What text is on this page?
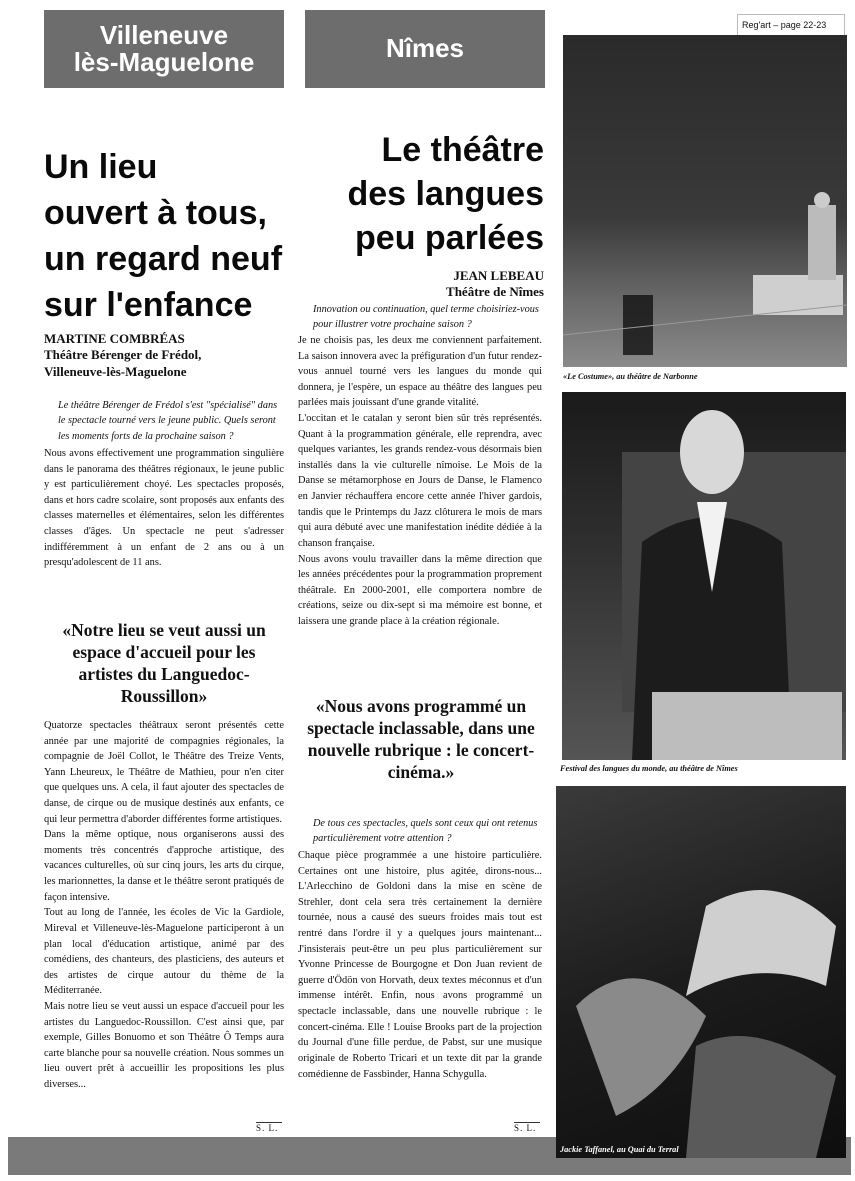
Villeneuve
lès-Maguelone	Nîmes
Reg'art – page 22-23
Un lieu
ouvert à tous,
un regard neuf
sur l'enfance
MARTINE COMBRÉAS
Théâtre Bérenger de Frédol,
Villeneuve-lès-Maguelone
Le théâtre Bérenger de Frédol s'est "spécialisé" dans le spectacle tourné vers le jeune public. Quels seront les moments forts de la prochaine saison ?

Nous avons effectivement une programmation singulière dans le panorama des théâtres régionaux, le jeune public y est particulièrement choyé. Les spectacles proposés, dans et hors cadre scolaire, sont proposés aux enfants des classes maternelles et élémentaires, selon les différentes classes d'âges. Un spectacle ne peut s'adresser indifféremment à un enfant de 2 ans ou à un presqu'adolescent de 11 ans.

«Notre lieu se veut aussi un espace d'accueil pour les artistes du Languedoc-Roussillon»

Quatorze spectacles théâtraux seront présentés cette année par une majorité de compagnies régionales, la compagnie de Joël Collot, le Théâtre des Treize Vents, Yann Lheureux, le Théâtre de Mathieu, pour n'en citer que quelques uns. A cela, il faut ajouter des spectacles de danse, de cirque ou de musique destinés aux enfants, ce qui leur permettra d'aborder différentes forme artistiques.

Dans la même optique, nous organiserons aussi des moments très concentrés d'approche artistique, des vacances culturelles, où sur cinq jours, les arts du cirque, les marionnettes, la danse et le théâtre seront pratiqués de façon intensive.

Tout au long de l'année, les écoles de Vic la Gardiole, Mireval et Villeneuve-lès-Maguelone participeront à un plan local d'éducation artistique, animé par des comédiens, des chanteurs, des plasticiens, des auteurs et des artistes de cirque autour du thème de la Méditerranée.

Mais notre lieu se veut aussi un espace d'accueil pour les artistes du Languedoc-Roussillon. C'est ainsi que, par exemple, Gilles Bonuomo et son Théâtre Ô Temps aura carte blanche pour sa nouvelle création. Nous sommes un lieu ouvert prêt à accueillir les propositions les plus diverses...

S. L.
Le théâtre
des langues
peu parlées
JEAN LEBEAU
Théâtre de Nîmes
Innovation ou continuation, quel terme choisiriez-vous pour illustrer votre prochaine saison ?

Je ne choisis pas, les deux me conviennent parfaitement. La saison innovera avec la préfiguration d'un futur rendez-vous annuel tourné vers les langues du monde qui donnera, je l'espère, un espace au théâtre des langues peu parlées mais jouissant d'une grande vitalité.

L'occitan et le catalan y seront bien sûr très représentés. Quant à la programmation générale, elle reprendra, avec quelques variantes, les grands rendez-vous désormais bien installés dans la vie culturelle nîmoise. Le Mois de la Danse se métamorphose en Jours de Danse, le Flamenco en Janvier réchauffera encore cette année l'hiver gardois, tandis que le Printemps du Jazz clôturera le mois de mars qui aura débuté avec une manifestation inédite dédiée à la chanson française.

Nous avons voulu travailler dans la même direction que les années précédentes pour la programmation proprement théâtrale. En 2000-2001, elle comportera nombre de créations, seize ou dix-sept si ma mémoire est bonne, et laissera une grande place à la création régionale.

«Nous avons programmé un spectacle inclassable, dans une nouvelle rubrique : le concert-cinéma.»
De tous ces spectacles, quels sont ceux qui ont retenus particulièrement votre attention ?

Chaque pièce programmée a une histoire particulière. Certaines ont une histoire, plus agitée, dirons-nous... L'Arlecchino de Goldoni dans la mise en scène de Strehler, dont cela sera très certainement la dernière tournée, nous a causé des sueurs froides mais tout est rentré dans l'ordre il y a quelques jours maintenant... J'insisterais peut-être un peu plus particulièrement sur Yvonne Princesse de Bourgogne et Don Juan revient de guerre d'Ödön von Horvath, deux textes méconnus et d'un immense intérêt. Enfin, nous avons programmé un spectacle inclassable, dans une nouvelle rubrique : le concert-cinéma. Elle ! Louise Brooks part de la projection du Journal d'une fille perdue, de Pabst, sur une musique originale de Roberto Tricari et un texte dit par la grande comédienne de Fassbinder, Hanna Schygulla.

S. L.
«Le Costume», au théâtre de Narbonne
Festival des langues du monde, au théâtre de Nîmes
Jackie Taffanel, au Quai du Terral
